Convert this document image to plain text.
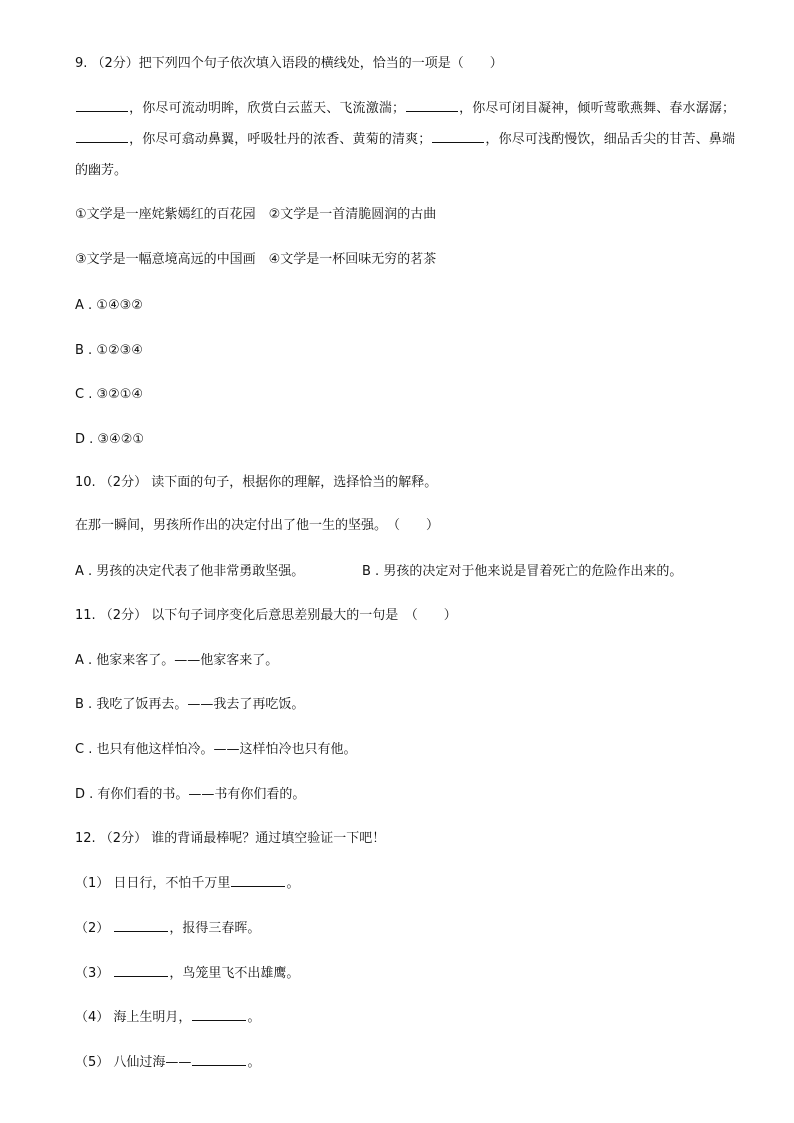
9. （2分）把下列四个句子依次填入语段的横线处，恰当的一项是（　　）
，你尽可流动明眸，欣赏白云蓝天、飞流激湍；	，你尽可闭目凝神，倾听莺歌燕舞、春水潺潺；，你尽可翕动鼻翼，呼吸牡丹的浓香、黄菊的清爽；	，你尽可浅酌慢饮，细品舌尖的甘苦、鼻端的幽芳。
①文学是一座姹紫嫣红的百花园　②文学是一首清脆圆润的古曲
③文学是一幅意境高远的中国画　④文学是一杯回味无穷的茗茶
A . ①④③②
B . ①②③④
C . ③②①④
D . ③④②①
10. （2分） 读下面的句子，根据你的理解，选择恰当的解释。
在那一瞬间，男孩所作出的决定付出了他一生的坚强。　（　　）
A . 男孩的决定代表了他非常勇敢坚强。	B . 男孩的决定对于他来说是冒着死亡的危险作出来的。
11. （2分） 以下句子词序变化后意思差别最大的一句是　（　　）
A . 他家来客了。——他家客来了。
B . 我吃了饭再去。——我去了再吃饭。
C . 也只有他这样怕冷。——这样怕冷也只有他。
D . 有你们看的书。——书有你们看的。
12. （2分） 谁的背诵最棒呢？通过填空验证一下吧！
（1） 日日行，不怕千万里	。
（2）	，报得三春晖。
（3）	，鸟笼里飞不出雄鹰。
（4） 海上生明月，	。
（5） 八仙过海——	。
